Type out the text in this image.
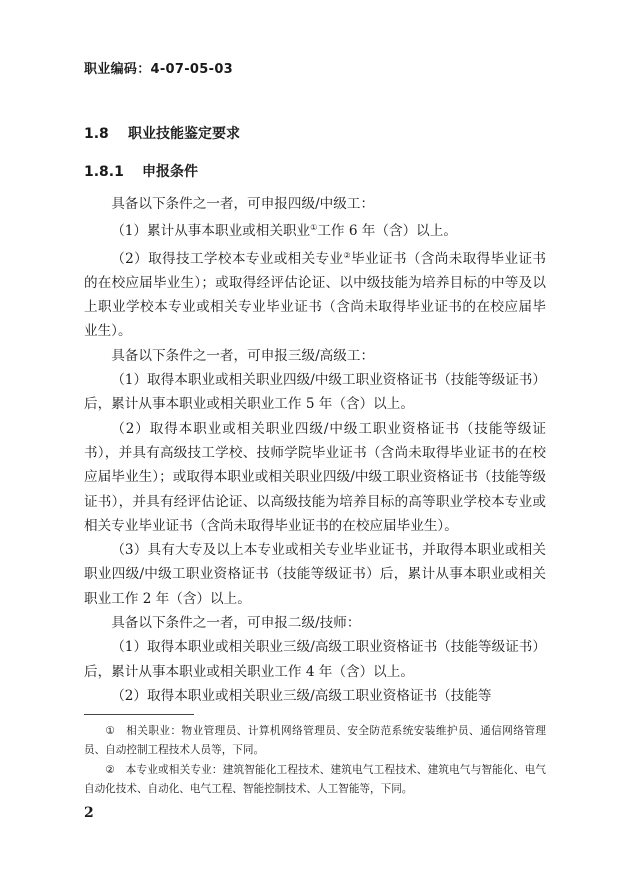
职业编码：4-07-05-03
1.8 职业技能鉴定要求
1.8.1 申报条件

具备以下条件之一者，可申报四级/中级工：

（1）累计从事本职业或相关职业①工作 6 年（含）以上。

（2）取得技工学校本专业或相关专业②毕业证书（含尚未取得毕业证书的在校应届毕业生）；或取得经评估论证、以中级技能为培养目标的中等及以上职业学校本专业或相关专业毕业证书（含尚未取得毕业证书的在校应届毕业生）。

具备以下条件之一者，可申报三级/高级工：

（1）取得本职业或相关职业四级/中级工职业资格证书（技能等级证书）后，累计从事本职业或相关职业工作 5 年（含）以上。

（2）取得本职业或相关职业四级/中级工职业资格证书（技能等级证书），并具有高级技工学校、技师学院毕业证书（含尚未取得毕业证书的在校应届毕业生）；或取得本职业或相关职业四级/中级工职业资格证书（技能等级证书），并具有经评估论证、以高级技能为培养目标的高等职业学校本专业或相关专业毕业证书（含尚未取得毕业证书的在校应届毕业生）。

（3）具有大专及以上本专业或相关专业毕业证书，并取得本职业或相关职业四级/中级工职业资格证书（技能等级证书）后，累计从事本职业或相关职业工作 2 年（含）以上。

具备以下条件之一者，可申报二级/技师：

（1）取得本职业或相关职业三级/高级工职业资格证书（技能等级证书）后，累计从事本职业或相关职业工作 4 年（含）以上。

（2）取得本职业或相关职业三级/高级工职业资格证书（技能等

①　相关职业：物业管理员、计算机网络管理员、安全防范系统安装维护员、通信网络管理员、自动控制工程技术人员等，下同。

②　本专业或相关专业：建筑智能化工程技术、建筑电气工程技术、建筑电气与智能化、电气自动化技术、自动化、电气工程、智能控制技术、人工智能等，下同。

2
